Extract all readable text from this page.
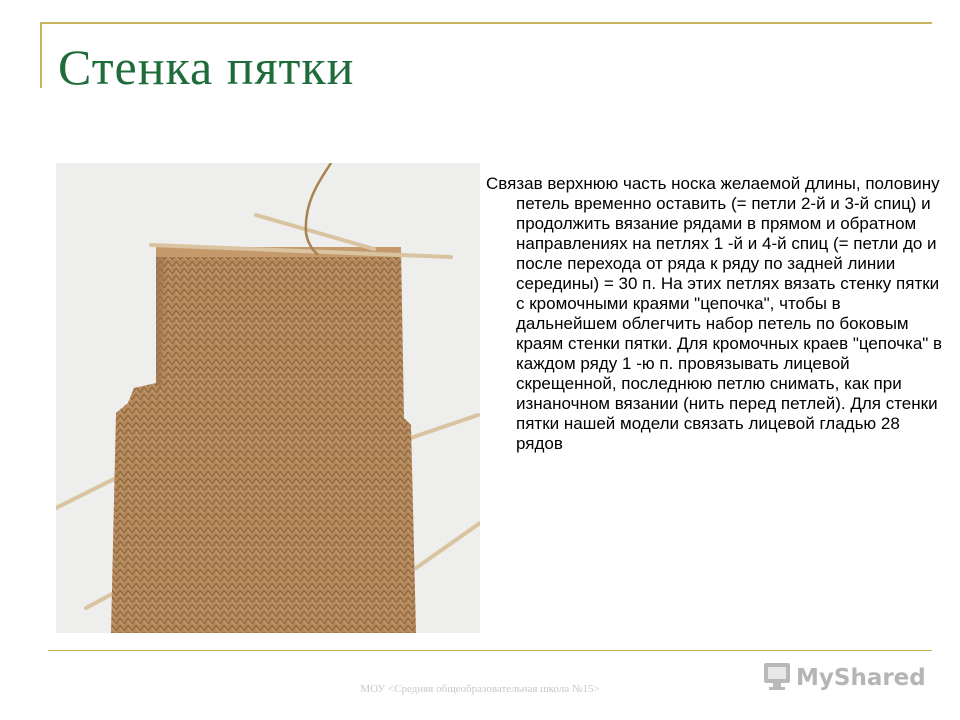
Стенка пятки

Связав верхнюю часть носка желаемой длины, половину петель временно оставить (= петли 2-й и 3-й спиц) и продолжить вязание рядами в прямом и обратном направлениях на петлях 1 -й и 4-й спиц (= петли до и после перехода от ряда к ряду по задней линии середины) = 30 п. На этих петлях вязать стенку пятки с кромочными краями "цепочка", чтобы в дальнейшем облегчить набор петель по боковым краям стенки пятки. Для кромочных краев "цепочка" в каждом ряду 1 -ю п. провязывать лицевой скрещенной, последнюю петлю снимать, как при изнаночном вязании (нить перед петлей). Для стенки пятки нашей модели связать лицевой гладью 28 рядов

МОУ <Средняя общеобразовательная школа №15>	MyShared
